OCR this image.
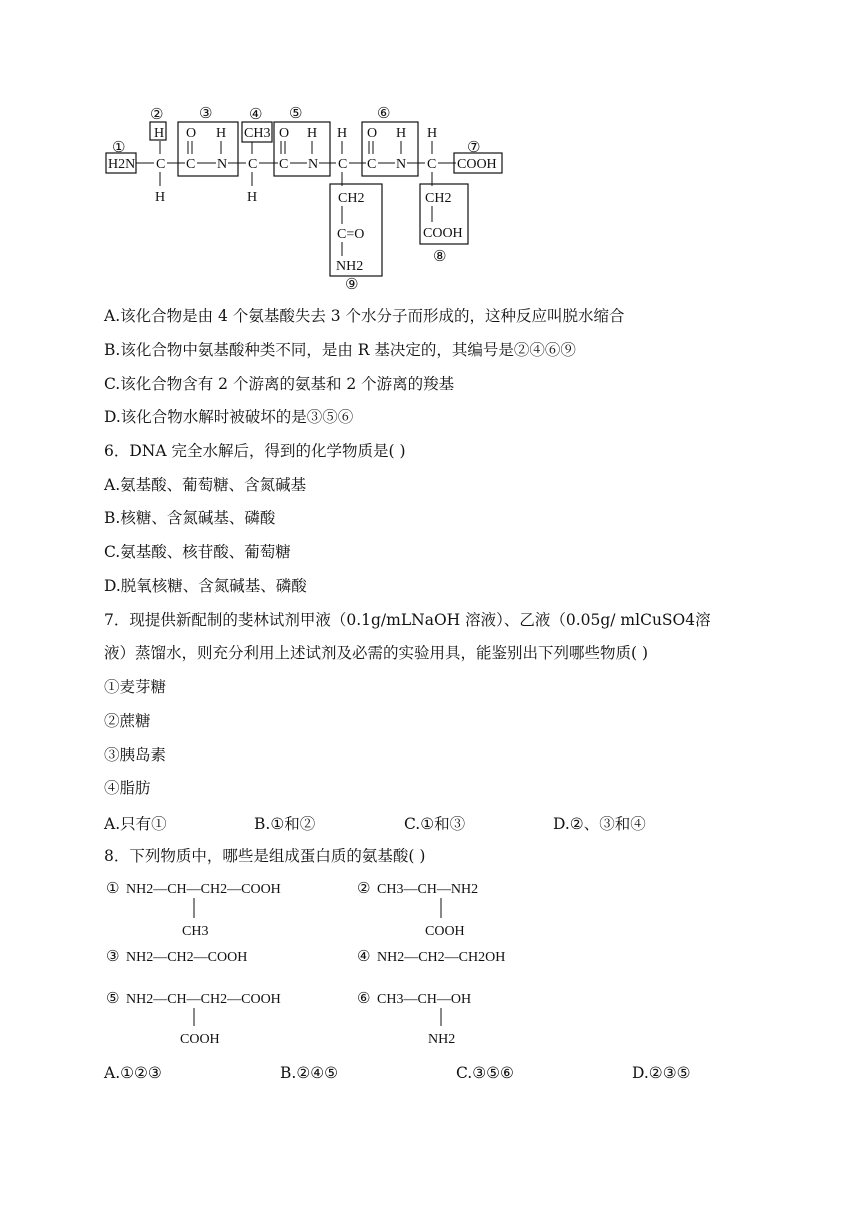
①
② ③ ④ ⑤	⑥
⑦
⑧
⑨
H2N C C N C C N C C N C COOH
H O H CH3 O H H O H H
H	H	CH2
C=O
NH2
CH2
COOH
A.该化合物是由 4 个氨基酸失去 3 个水分子而形成的，这种反应叫脱水缩合
B.该化合物中氨基酸种类不同，是由 R 基决定的，其编号是②④⑥⑨
C.该化合物含有 2 个游离的氨基和 2 个游离的羧基
D.该化合物水解时被破坏的是③⑤⑥
6．DNA 完全水解后，得到的化学物质是( )
A.氨基酸、葡萄糖、含氮碱基
B.核糖、含氮碱基、磷酸
C.氨基酸、核苷酸、葡萄糖
D.脱氧核糖、含氮碱基、磷酸
7．现提供新配制的斐林试剂甲液（0.1g/mLNaOH 溶液）、乙液（0.05g/ mlCuSO4溶
液）蒸馏水，则充分利用上述试剂及必需的实验用具，能鉴别出下列哪些物质( )
①麦芽糖
②蔗糖
③胰岛素
④脂肪
A.只有①	B.①和②	C.①和③	D.②、③和④
8．下列物质中，哪些是组成蛋白质的氨基酸( )
① NH2—CH—CH2—COOH
CH3
② CH3—CH—NH2
COOH
③ NH2—CH2—COOH	④ NH2—CH2—CH2OH
⑤ NH2—CH—CH2—COOH
COOH
⑥ CH3—CH—OH
NH2
A.①②③	B.②④⑤	C.③⑤⑥	D.②③⑤
